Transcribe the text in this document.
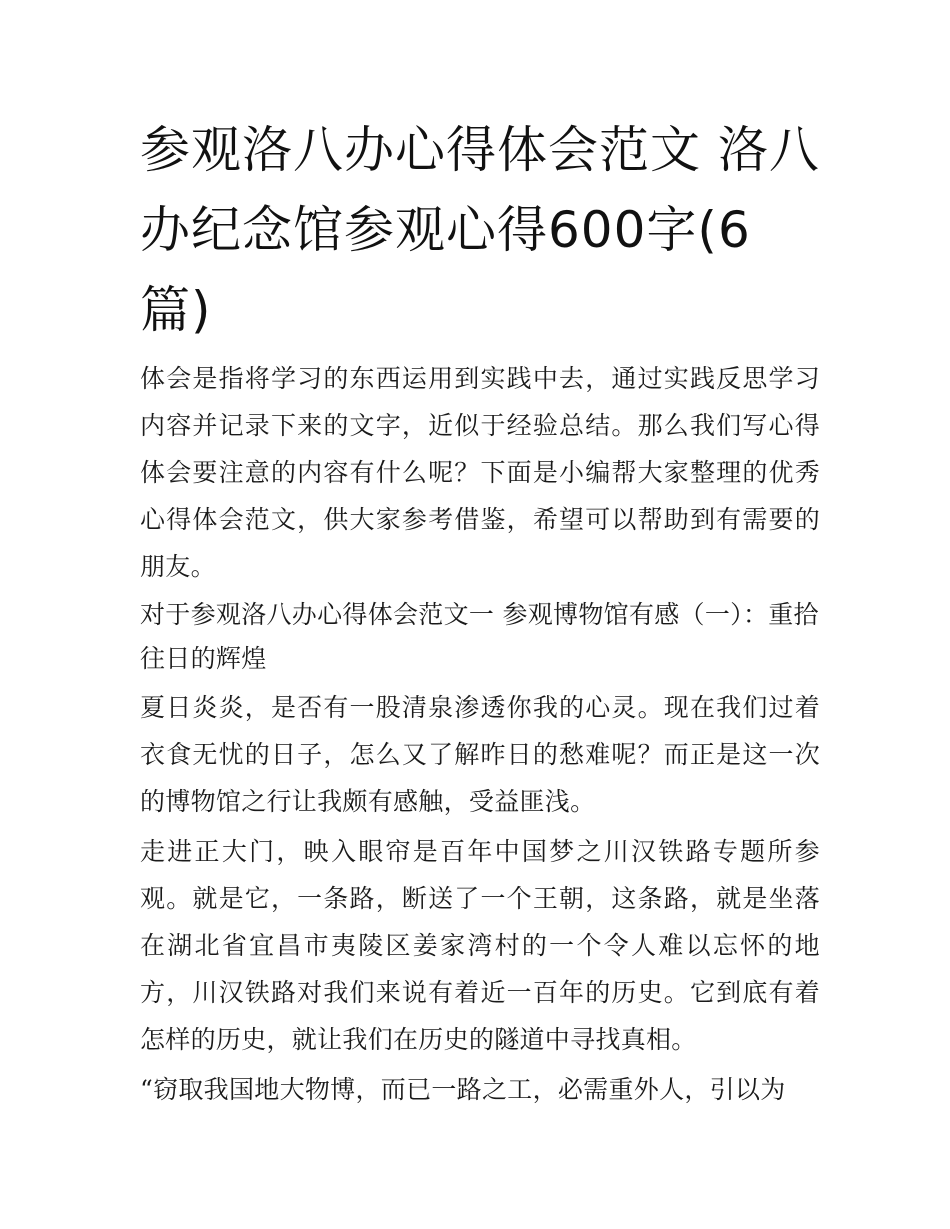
参观洛八办心得体会范文 洛八办纪念馆参观心得600字(6篇)

体会是指将学习的东西运用到实践中去，通过实践反思学习内容并记录下来的文字，近似于经验总结。那么我们写心得体会要注意的内容有什么呢？下面是小编帮大家整理的优秀心得体会范文，供大家参考借鉴，希望可以帮助到有需要的朋友。

对于参观洛八办心得体会范文一 参观博物馆有感（一）：重拾往日的辉煌

夏日炎炎，是否有一股清泉渗透你我的心灵。现在我们过着衣食无忧的日子，怎么又了解昨日的愁难呢？而正是这一次的博物馆之行让我颇有感触，受益匪浅。

走进正大门，映入眼帘是百年中国梦之川汉铁路专题所参观。就是它，一条路，断送了一个王朝，这条路，就是坐落在湖北省宜昌市夷陵区姜家湾村的一个令人难以忘怀的地方，川汉铁路对我们来说有着近一百年的历史。它到底有着怎样的历史，就让我们在历史的隧道中寻找真相。

“窃取我国地大物博，而已一路之工，必需重外人，引以为
